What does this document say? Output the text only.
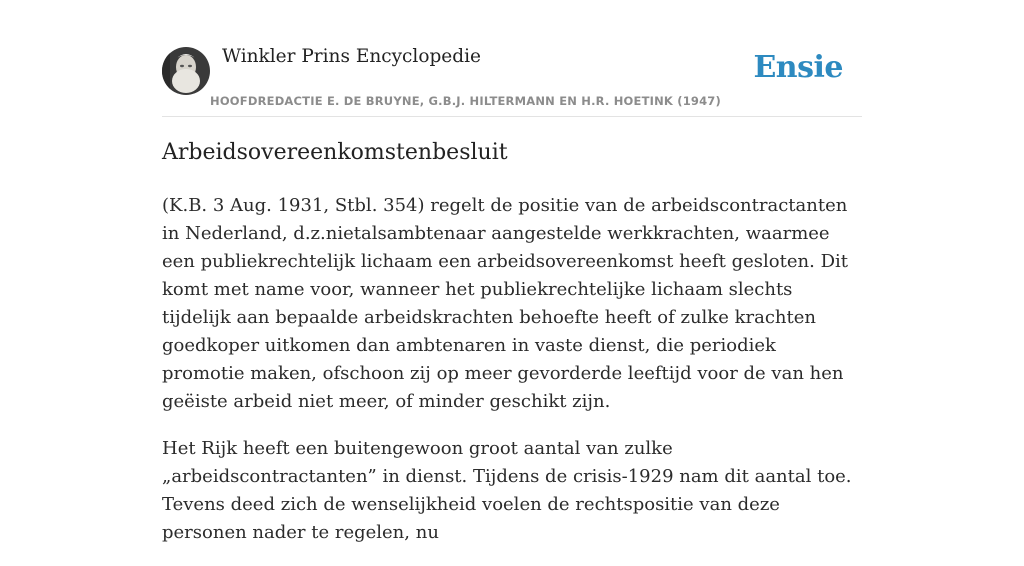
Winkler Prins Encyclopedie
HOOFDREDACTIE E. DE BRUYNE, G.B.J. HILTERMANN EN H.R. HOETINK (1947)
Ensie
Arbeidsovereenkomstenbesluit

(K.B. 3 Aug. 1931, Stbl. 354) regelt de positie van de arbeidscontractanten in Nederland, d.z.nietalsambtenaar aangestelde werkkrachten, waarmee een publiekrechtelijk lichaam een arbeidsovereenkomst heeft gesloten. Dit komt met name voor, wanneer het publiekrechtelijke lichaam slechts tijdelijk aan bepaalde arbeidskrachten behoefte heeft of zulke krachten goedkoper uitkomen dan ambtenaren in vaste dienst, die periodiek promotie maken, ofschoon zij op meer gevorderde leeftijd voor de van hen geëiste arbeid niet meer, of minder geschikt zijn.

Het Rijk heeft een buitengewoon groot aantal van zulke „arbeidscontractanten” in dienst. Tijdens de crisis-1929 nam dit aantal toe. Tevens deed zich de wenselijkheid voelen de rechtspositie van deze personen nader te regelen, nu
